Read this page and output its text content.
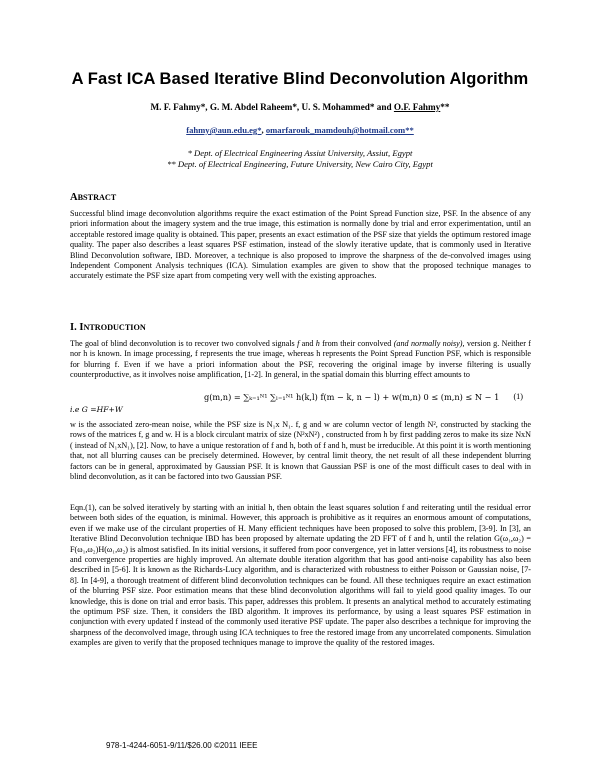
A Fast ICA Based Iterative Blind Deconvolution Algorithm
M. F. Fahmy*, G. M. Abdel Raheem*, U. S. Mohammed* and O.F. Fahmy**
fahmy@aun.edu.eg*, omarfarouk_mamdouh@hotmail.com**
* Dept. of Electrical Engineering Assiut University, Assiut, Egypt
** Dept. of Electrical Engineering, Future University, New Cairo City, Egypt
ABSTRACT
Successful blind image deconvolution algorithms require the exact estimation of the Point Spread Function size, PSF. In the absence of any priori information about the imagery system and the true image, this estimation is normally done by trial and error experimentation, until an acceptable restored image quality is obtained. This paper, presents an exact estimation of the PSF size that yields the optimum restored image quality. The paper also describes a least squares PSF estimation, instead of the slowly iterative update, that is commonly used in Iterative Blind Deconvolution software, IBD. Moreover, a technique is also proposed to improve the sharpness of the de-convolved images using Independent Component Analysis techniques (ICA). Simulation examples are given to show that the proposed technique manages to accurately estimate the PSF size apart from competing very well with the existing approaches.
I. INTRODUCTION
The goal of blind deconvolution is to recover two convolved signals f and h from their convolved (and normally noisy), version g. Neither f nor h is known. In image processing, f represents the true image, whereas h represents the Point Spread Function PSF, which is responsible for blurring f. Even if we have a priori information about the PSF, recovering the original image by inverse filtering is usually counterproductive, as it involves noise amplification, [1-2]. In general, in the spatial domain this blurring effect amounts to
g(m,n) = ∑ₖ₌₁ᴺ¹ ∑ₗ₌₁ᴺ¹ h(k,l) f(m − k, n − l) + w(m,n) 0 ≤ (m,n) ≤ N − 1 (1)
i.e G =HF+W
w is the associated zero-mean noise, while the PSF size is N₁x N₁. f, g and w are column vector of length N², constructed by stacking the rows of the matrices f, g and w. H is a block circulant matrix of size (N²xN²) , constructed from h by first padding zeros to make its size NxN ( instead of N₁xN₁), [2]. Now, to have a unique restoration of f and h, both of f and h, must be irreducible. At this point it is worth mentioning that, not all blurring causes can be precisely determined. However, by central limit theory, the net result of all these independent blurring factors can be in general, approximated by Gaussian PSF. It is known that Gaussian PSF is one of the most difficult cases to deal with in blind deconvolution, as it can be factored into two Gaussian PSF.
Eqn.(1), can be solved iteratively by starting with an initial h, then obtain the least squares solution f and reiterating until the residual error between both sides of the equation, is minimal. However, this approach is prohibitive as it requires an enormous amount of computations, even if we make use of the circulant properties of H. Many efficient techniques have been proposed to solve this problem, [3-9]. In [3], an Iterative Blind Deconvolution technique IBD has been proposed by alternate updating the 2D FFT of f and h, until the relation G(ω₁,ω₂) = F(ω₁,ω₂)H(ω₁,ω₂) is almost satisfied. In its initial versions, it suffered from poor convergence, yet in latter versions [4], its robustness to noise and convergence properties are highly improved. An alternate double iteration algorithm that has good anti-noise capability has also been described in [5-6]. It is known as the Richards-Lucy algorithm, and is characterized with robustness to either Poisson or Gaussian noise, [7-8]. In [4-9], a thorough treatment of different blind deconvolution techniques can be found. All these techniques require an exact estimation of the blurring PSF size. Poor estimation means that these blind deconvolution algorithms will fail to yield good quality images. To our knowledge, this is done on trial and error basis. This paper, addresses this problem. It presents an analytical method to accurately estimating the optimum PSF size. Then, it considers the IBD algorithm. It improves its performance, by using a least squares PSF estimation in conjunction with every updated f instead of the commonly used iterative PSF update. The paper also describes a technique for improving the sharpness of the deconvolved image, through using ICA techniques to free the restored image from any uncorrelated components. Simulation examples are given to verify that the proposed techniques manage to improve the quality of the restored images.
978-1-4244-6051-9/11/$26.00 ©2011 IEEE
